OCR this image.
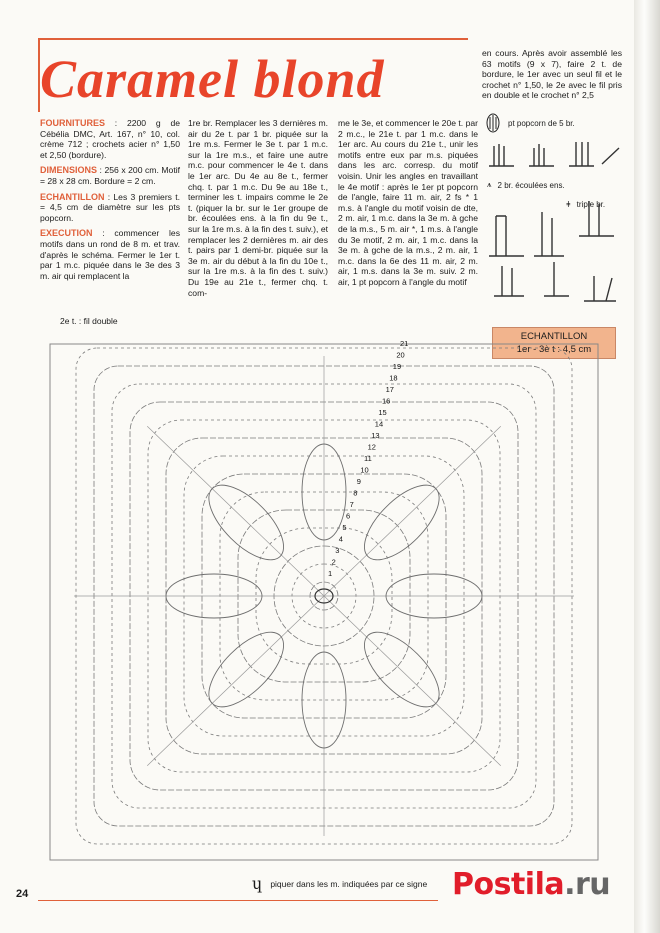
Caramel blond

FOURNITURES : 2200 g de Cébélia DMC, Art. 167, n° 10, col. crème 712 ; crochets acier n° 1,50 et 2,50 (bordure).

DIMENSIONS : 256 x 200 cm. Motif = 28 x 28 cm. Bordure = 2 cm.

ECHANTILLON : Les 3 premiers t. = 4,5 cm de diamètre sur les pts popcorn.

EXECUTION : commencer les motifs dans un rond de 8 m. et trav. d'après le schéma. Fermer le 1er t. par 1 m.c. piquée dans le 3e des 3 m. air qui remplacent la

1re br. Remplacer les 3 dernières m. air du 2e t. par 1 br. piquée sur la 1re m.s. Fermer le 3e t. par 1 m.c. sur la 1re m.s., et faire une autre m.c. pour commencer le 4e t. dans le 1er arc. Du 4e au 8e t., fermer chq. t. par 1 m.c. Du 9e au 18e t., terminer les t. impairs comme le 2e t. (piquer la br. sur le 1er groupe de br. écoulées ens. à la fin du 9e t., sur la 1re m.s. à la fin des t. suiv.), et remplacer les 2 dernières m. air des t. pairs par 1 demi-br. piquée sur la 3e m. air du début à la fin du 10e t., sur la 1re m.s. à la fin des t. suiv.) Du 19e au 21e t., fermer chq. t. com-

me le 3e, et commencer le 20e t. par 2 m.c., le 21e t. par 1 m.c. dans le 1er arc. Au cours du 21e t., unir les motifs entre eux par m.s. piquées dans les arc. corresp. du motif voisin. Unir les angles en travaillant le 4e motif : après le 1er pt popcorn de l'angle, faire 11 m. air, 2 fs * 1 m.s. à l'angle du motif voisin de dte, 2 m. air, 1 m.c. dans la 3e m. à gche de la m.s., 5 m. air *, 1 m.s. à l'angle du 3e motif, 2 m. air, 1 m.c. dans la 3e m. à gche de la m.s., 2 m. air, 1 m.c. dans la 6e des 11 m. air, 2 m. air, 1 m.s. dans la 3e m. suiv. 2 m. air, 1 pt popcorn à l'angle du motif

en cours. Après avoir assemblé les 63 motifs (9 x 7), faire 2 t. de bordure, le 1er avec un seul fil et le crochet n° 1,50, le 2e avec le fil pris en double et le crochet n° 2,5

pt popcorn de 5 br.
⩚ 2 br. écoulées ens.
ǂ triple br.
ECHANTILLON
1er - 3è t : 4,5 cm
2e t. : fil double
1
2
3
4
5
6
7
8
9
10
11
12
13
14
15
16
17
18
19
20
21
ɥ piquer dans les m. indiquées par ce signe
24	Postila.ru
